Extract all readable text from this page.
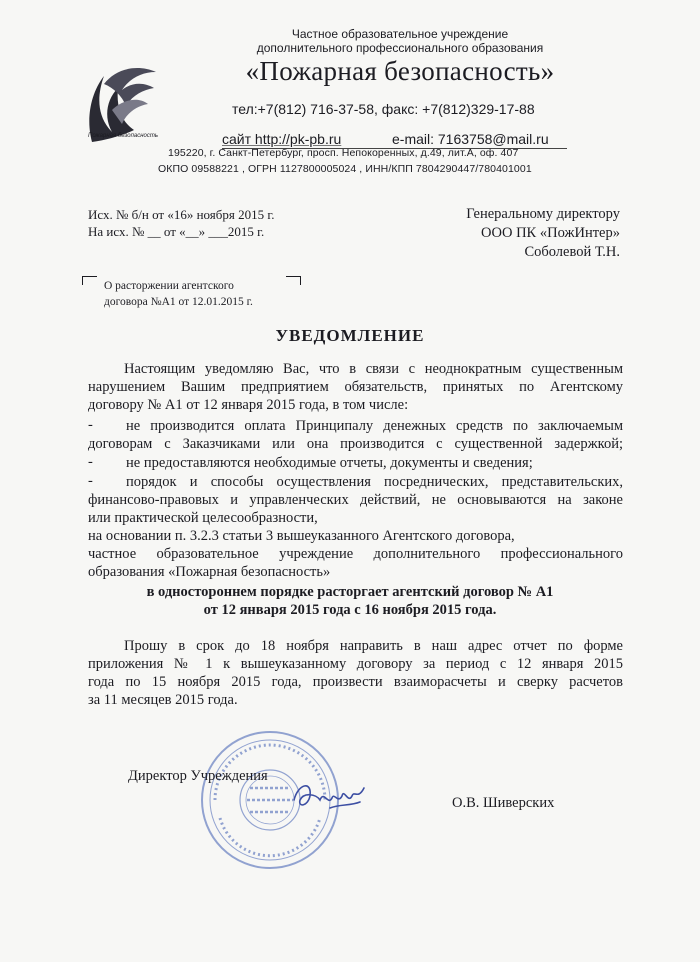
Частное образовательное учреждение
дополнительного профессионального образования
«Пожарная безопасность»
Пожарная безопасность
тел:+7(812) 716-37-58, факс: +7(812)329-17-88
сайт http://pk-pb.ru	e-mail: 7163758@mail.ru
195220, г. Санкт-Петербург, просп. Непокоренных, д.49, лит.А, оф. 407
ОКПО 09588221 , ОГРН 1127800005024 , ИНН/КПП 7804290447/780401001
Исх. № б/н от «16» ноября 2015 г.
На исх. № __ от «__» ___2015 г.
Генеральному директору
ООО ПК «ПожИнтер»
Соболевой Т.Н.
О расторжении агентского
договора №А1 от 12.01.2015 г.
УВЕДОМЛЕНИЕ
Настоящим уведомляю Вас, что в связи с неоднократным существенным
нарушением Вашим предприятием обязательств, принятых по Агентскому
договору № А1 от 12 января 2015 года, в том числе:
- не производится оплата Принципалу денежных средств по заключаемым
договорам с Заказчиками или она производится с существенной задержкой;
- не предоставляются необходимые отчеты, документы и сведения;
- порядок и способы осуществления посреднических, представительских,
финансово-правовых и управленческих действий, не основываются на законе
или практической целесообразности,
на основании п. 3.2.3 статьи 3 вышеуказанного Агентского договора,
частное образовательное учреждение дополнительного профессионального
образования «Пожарная безопасность»
в одностороннем порядке расторгает агентский договор № А1
от 12 января 2015 года с 16 ноября 2015 года.
Прошу в срок до 18 ноября направить в наш адрес отчет по форме
приложения № 1 к вышеуказанному договору за период с 12 января 2015
года по 15 ноября 2015 года, произвести взаиморасчеты и сверку расчетов
за 11 месяцев 2015 года.
Директор Учреждения
О.В. Шиверских
